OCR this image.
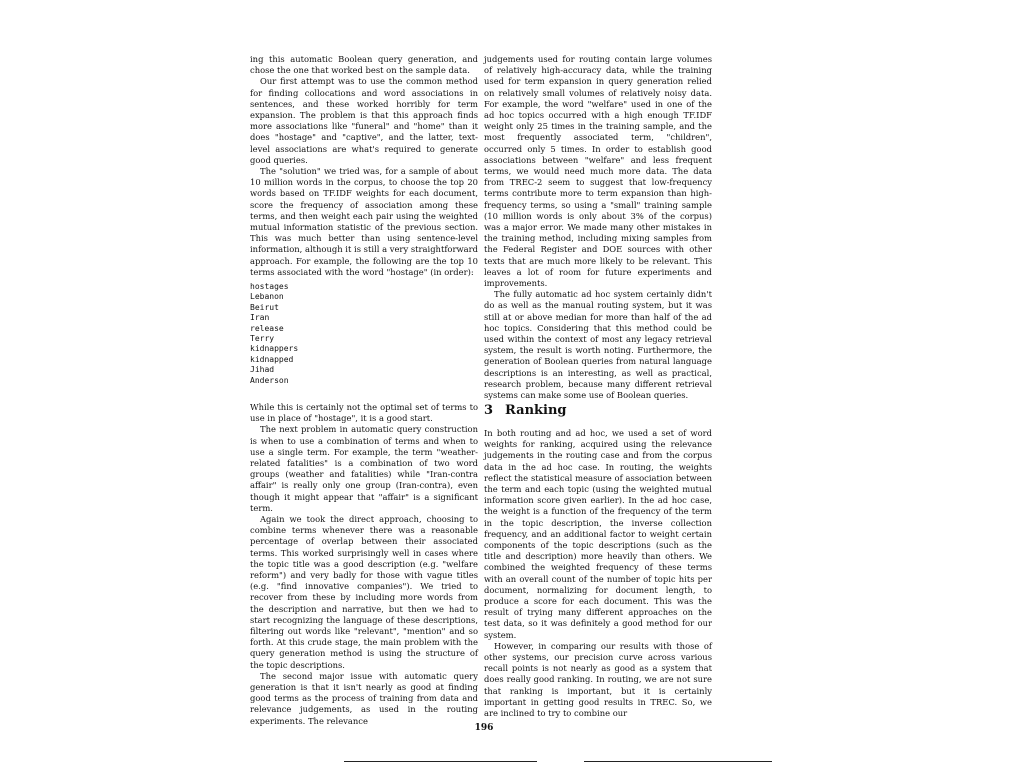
ing this automatic Boolean query generation, and chose the one that worked best on the sample data.

Our first attempt was to use the common method for finding collocations and word associations in sentences, and these worked horribly for term expansion. The problem is that this approach finds more associations like "funeral" and "home" than it does "hostage" and "captive", and the latter, text-level associations are what's required to generate good queries.

The "solution" we tried was, for a sample of about 10 million words in the corpus, to choose the top 20 words based on TF.IDF weights for each document, score the frequency of association among these terms, and then weight each pair using the weighted mutual information statistic of the previous section. This was much better than using sentence-level information, although it is still a very straightforward approach. For example, the following are the top 10 terms associated with the word "hostage" (in order):

hostages
Lebanon
Beirut
Iran
release
Terry
kidnappers
kidnapped
Jihad
Anderson

While this is certainly not the optimal set of terms to use in place of "hostage", it is a good start.

The next problem in automatic query construction is when to use a combination of terms and when to use a single term. For example, the term "weather-related fatalities" is a combination of two word groups (weather and fatalities) while "Iran-contra affair" is really only one group (Iran-contra), even though it might appear that "affair" is a significant term.

Again we took the direct approach, choosing to combine terms whenever there was a reasonable percentage of overlap between their associated terms. This worked surprisingly well in cases where the topic title was a good description (e.g. "welfare reform") and very badly for those with vague titles (e.g. "find innovative companies"). We tried to recover from these by including more words from the description and narrative, but then we had to start recognizing the language of these descriptions, filtering out words like "relevant", "mention" and so forth. At this crude stage, the main problem with the query generation method is using the structure of the topic descriptions.

The second major issue with automatic query generation is that it isn't nearly as good at finding good terms as the process of training from data and relevance judgements, as used in the routing experiments. The relevance

judgements used for routing contain large volumes of relatively high-accuracy data, while the training used for term expansion in query generation relied on relatively small volumes of relatively noisy data. For example, the word "welfare" used in one of the ad hoc topics occurred with a high enough TF.IDF weight only 25 times in the training sample, and the most frequently associated term, "children", occurred only 5 times. In order to establish good associations between "welfare" and less frequent terms, we would need much more data. The data from TREC-2 seem to suggest that low-frequency terms contribute more to term expansion than high-frequency terms, so using a "small" training sample (10 million words is only about 3% of the corpus) was a major error. We made many other mistakes in the training method, including mixing samples from the Federal Register and DOE sources with other texts that are much more likely to be relevant. This leaves a lot of room for future experiments and improvements.

The fully automatic ad hoc system certainly didn't do as well as the manual routing system, but it was still at or above median for more than half of the ad hoc topics. Considering that this method could be used within the context of most any legacy retrieval system, the result is worth noting. Furthermore, the generation of Boolean queries from natural language descriptions is an interesting, as well as practical, research problem, because many different retrieval systems can make some use of Boolean queries.

3 Ranking

In both routing and ad hoc, we used a set of word weights for ranking, acquired using the relevance judgements in the routing case and from the corpus data in the ad hoc case. In routing, the weights reflect the statistical measure of association between the term and each topic (using the weighted mutual information score given earlier). In the ad hoc case, the weight is a function of the frequency of the term in the topic description, the inverse collection frequency, and an additional factor to weight certain components of the topic descriptions (such as the title and description) more heavily than others. We combined the weighted frequency of these terms with an overall count of the number of topic hits per document, normalizing for document length, to produce a score for each document. This was the result of trying many different approaches on the test data, so it was definitely a good method for our system.

However, in comparing our results with those of other systems, our precision curve across various recall points is not nearly as good as a system that does really good ranking. In routing, we are not sure that ranking is important, but it is certainly important in getting good results in TREC. So, we are inclined to try to combine our

196
